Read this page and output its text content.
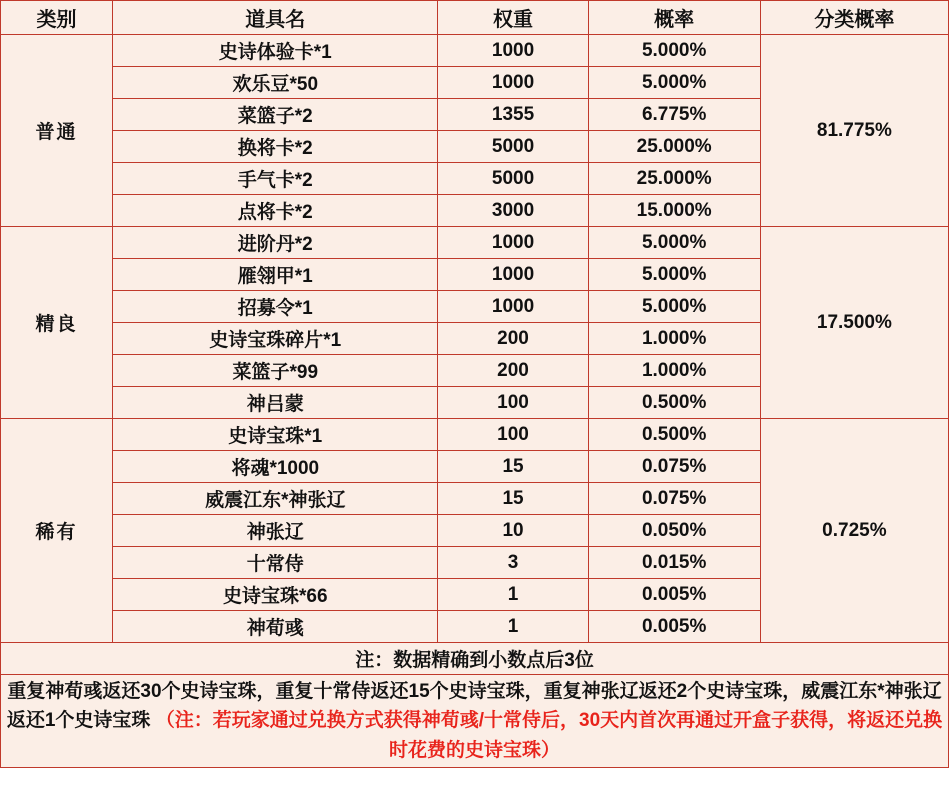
类别	道具名	权重	概率	分类概率
普通	史诗体验卡*1	1000	5.000%	81.775%
	欢乐豆*50	1000	5.000%	
	菜篮子*2	1355	6.775%	
	换将卡*2	5000	25.000%	
	手气卡*2	5000	25.000%	
	点将卡*2	3000	15.000%	
精良	进阶丹*2	1000	5.000%	17.500%
	雁翎甲*1	1000	5.000%	
	招募令*1	1000	5.000%	
	史诗宝珠碎片*1	200	1.000%	
	菜篮子*99	200	1.000%	
	神吕蒙	100	0.500%	
稀有	史诗宝珠*1	100	0.500%	0.725%
	将魂*1000	15	0.075%	
	威震江东*神张辽	15	0.075%	
	神张辽	10	0.050%	
	十常侍	3	0.015%	
	史诗宝珠*66	1	0.005%	
	神荀彧	1	0.005%	
注：数据精确到小数点后3位				
重复神荀彧返还30个史诗宝珠，重复十常侍返还15个史诗宝珠，重复神张辽返还2个史诗宝珠，威震江东*神张辽返还1个史诗宝珠 （注：若玩家通过兑换方式获得神荀彧/十常侍后，30天内首次再通过开盒子获得，将返还兑换时花费的史诗宝珠）				
